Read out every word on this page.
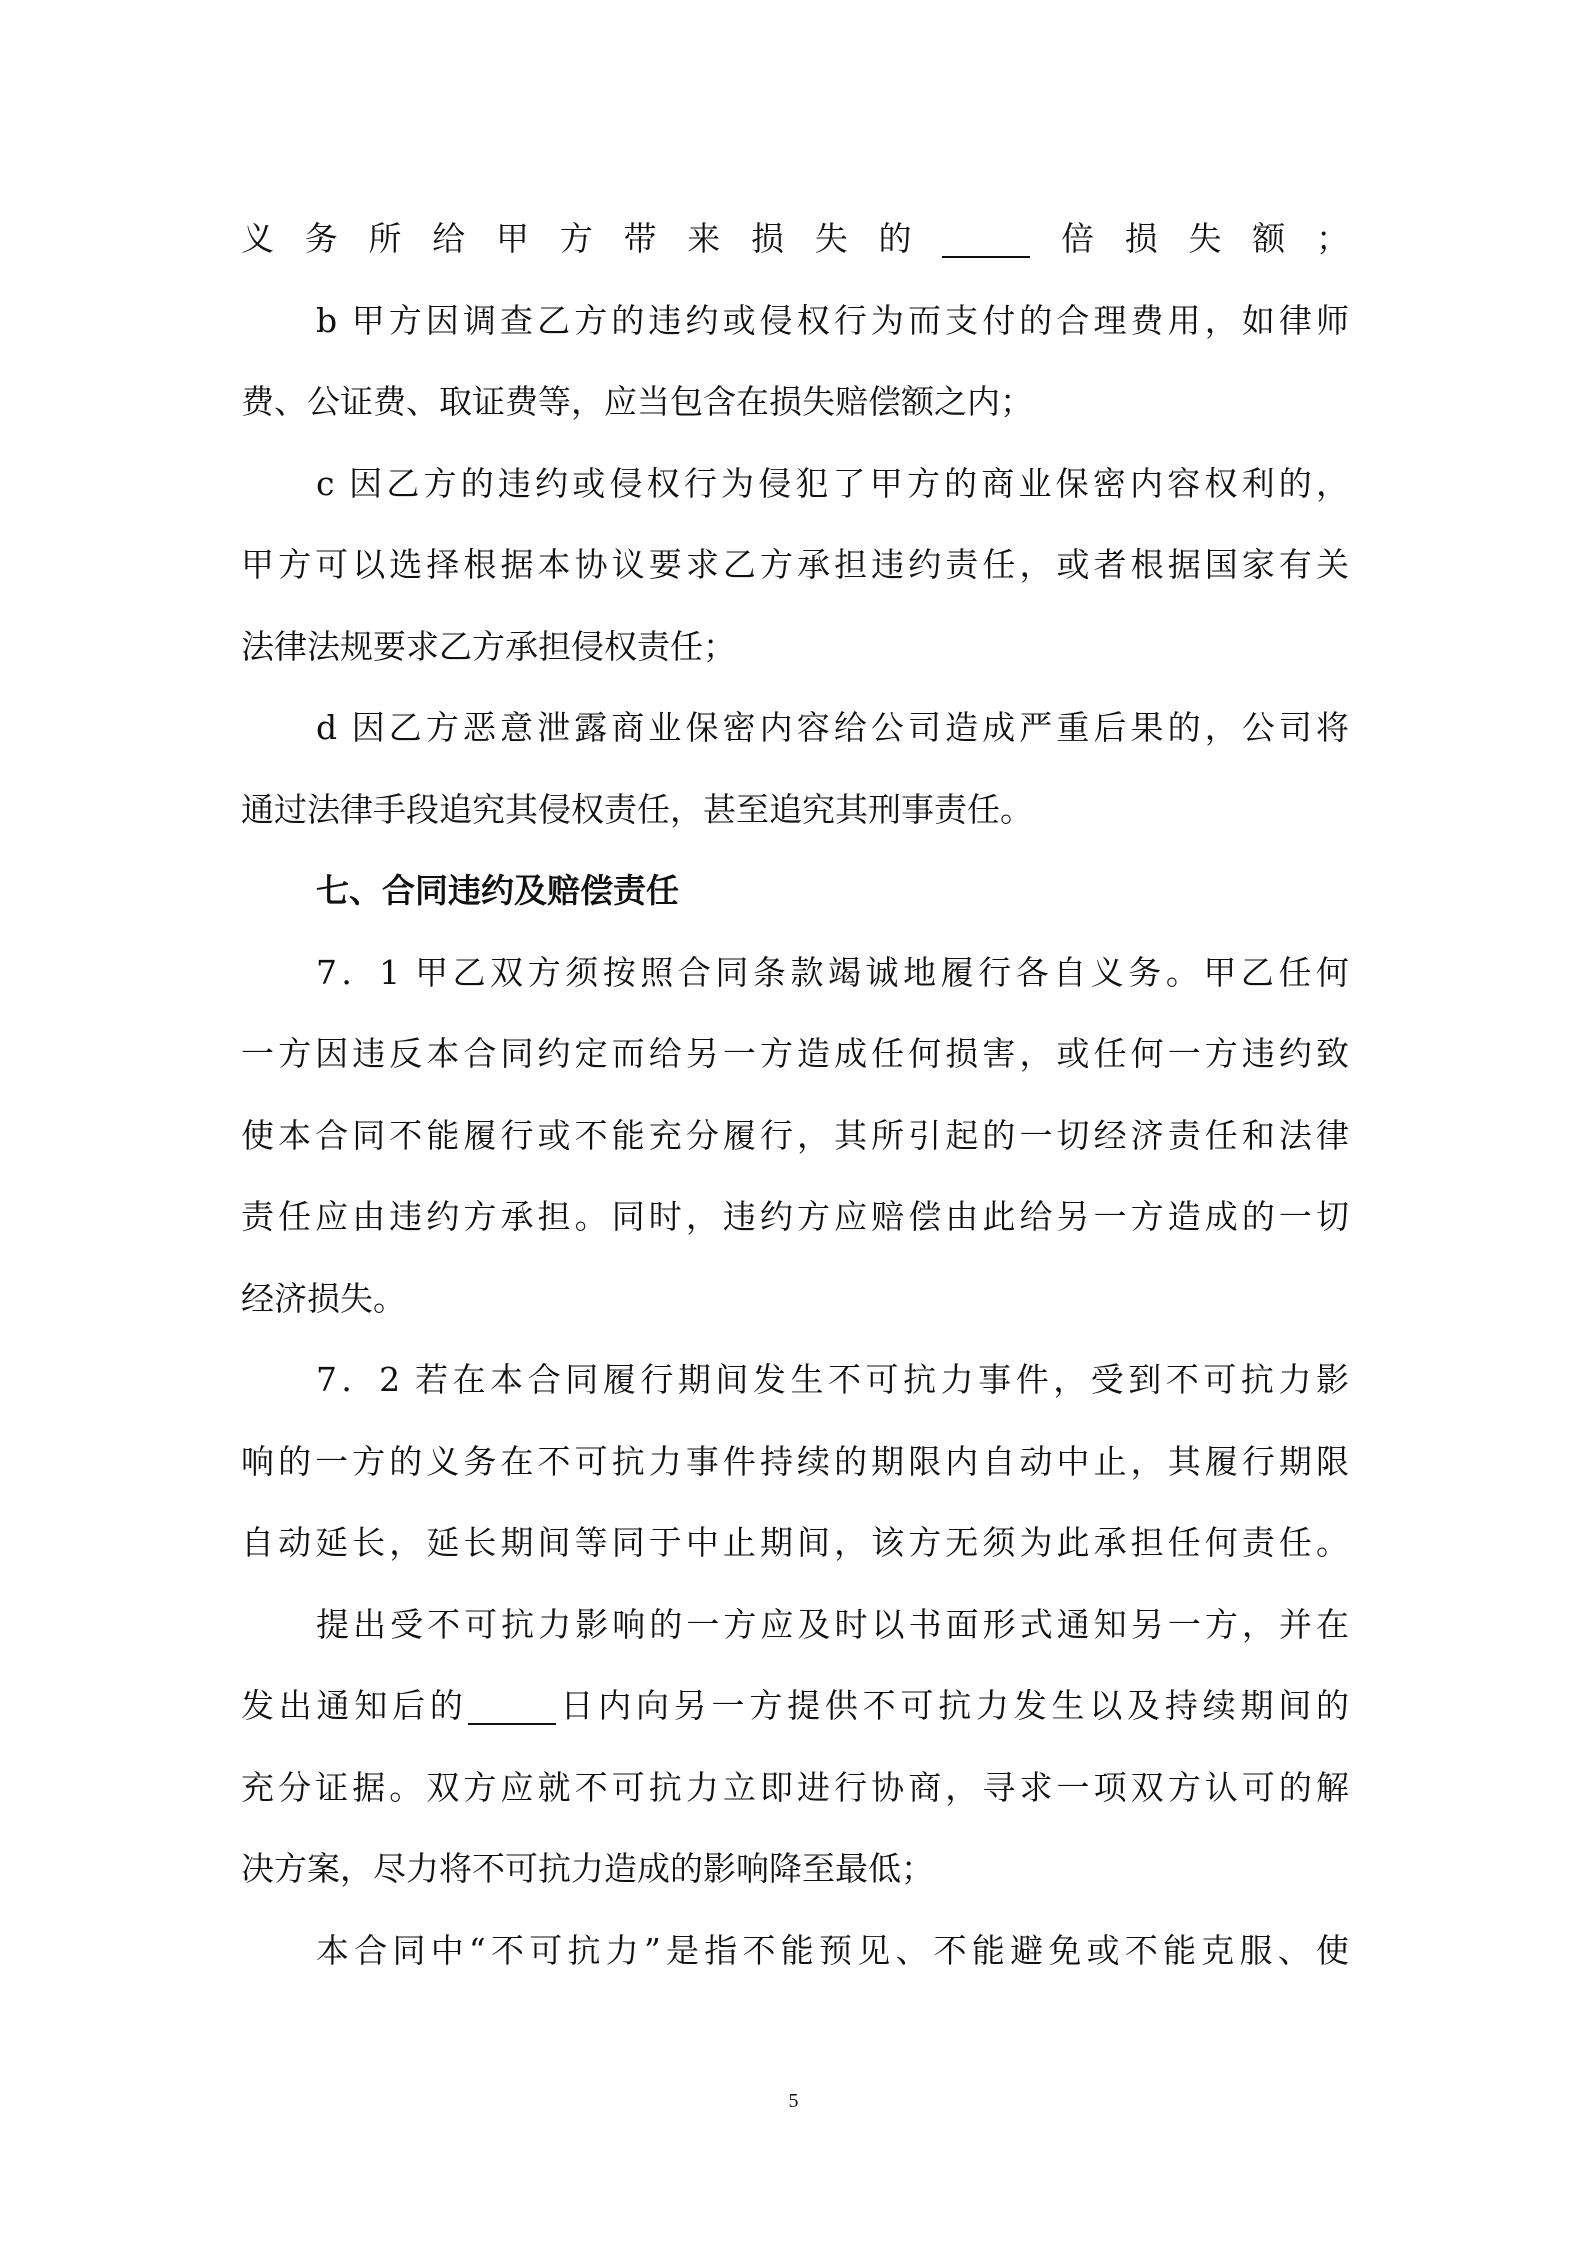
义务所给甲方带来损失的	倍损失额；
b 甲方因调查乙方的违约或侵权行为而支付的合理费用，如律师
费、公证费、取证费等，应当包含在损失赔偿额之内；
c 因乙方的违约或侵权行为侵犯了甲方的商业保密内容权利的，
甲方可以选择根据本协议要求乙方承担违约责任，或者根据国家有关
法律法规要求乙方承担侵权责任；
d 因乙方恶意泄露商业保密内容给公司造成严重后果的，公司将
通过法律手段追究其侵权责任，甚至追究其刑事责任。
七、合同违约及赔偿责任
7．1 甲乙双方须按照合同条款竭诚地履行各自义务。甲乙任何
一方因违反本合同约定而给另一方造成任何损害，或任何一方违约致
使本合同不能履行或不能充分履行，其所引起的一切经济责任和法律
责任应由违约方承担。同时，违约方应赔偿由此给另一方造成的一切
经济损失。
7．2 若在本合同履行期间发生不可抗力事件，受到不可抗力影
响的一方的义务在不可抗力事件持续的期限内自动中止，其履行期限
自动延长，延长期间等同于中止期间，该方无须为此承担任何责任。
提出受不可抗力影响的一方应及时以书面形式通知另一方，并在
发出通知后的	日内向另一方提供不可抗力发生以及持续期间的
充分证据。双方应就不可抗力立即进行协商，寻求一项双方认可的解
决方案，尽力将不可抗力造成的影响降至最低；
本合同中“不可抗力”是指不能预见、不能避免或不能克服、使
5
